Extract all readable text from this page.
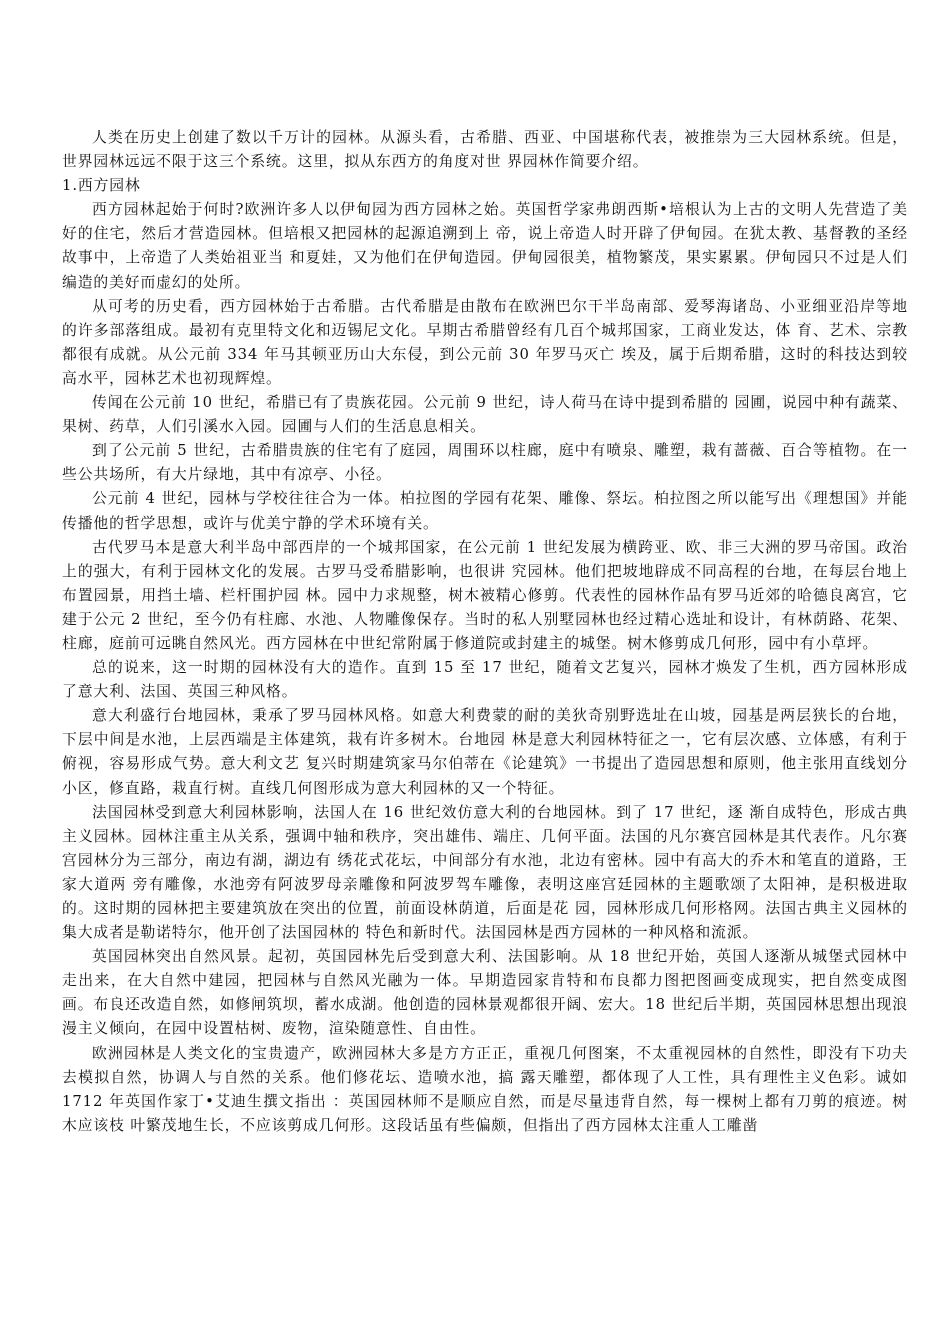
人类在历史上创建了数以千万计的园林。从源头看，古希腊、西亚、中国堪称代表，被推崇为三大园林系统。但是，世界园林远远不限于这三个系统。这里，拟从东西方的角度对世 界园林作简要介绍。

1.西方园林

西方园林起始于何时?欧洲许多人以伊甸园为西方园林之始。英国哲学家弗朗西斯•培根认为上古的文明人先营造了美好的住宅，然后才营造园林。但培根又把园林的起源追溯到上 帝，说上帝造人时开辟了伊甸园。在犹太教、基督教的圣经故事中，上帝造了人类始祖亚当 和夏娃，又为他们在伊甸造园。伊甸园很美，植物繁茂，果实累累。伊甸园只不过是人们编造的美好而虚幻的处所。

从可考的历史看，西方园林始于古希腊。古代希腊是由散布在欧洲巴尔干半岛南部、爱琴海诸岛、小亚细亚沿岸等地的许多部落组成。最初有克里特文化和迈锡尼文化。早期古希腊曾经有几百个城邦国家，工商业发达，体 育、艺术、宗教都很有成就。从公元前 334 年马其顿亚历山大东侵，到公元前 30 年罗马灭亡 埃及，属于后期希腊，这时的科技达到较高水平，园林艺术也初现辉煌。

传闻在公元前 10 世纪，希腊已有了贵族花园。公元前 9 世纪，诗人荷马在诗中提到希腊的 园圃，说园中种有蔬菜、果树、药草，人们引溪水入园。园圃与人们的生活息息相关。

到了公元前 5 世纪，古希腊贵族的住宅有了庭园，周围环以柱廊，庭中有喷泉、雕塑，栽有蔷薇、百合等植物。在一些公共场所，有大片绿地，其中有凉亭、小径。

公元前 4 世纪，园林与学校往往合为一体。柏拉图的学园有花架、雕像、祭坛。柏拉图之所以能写出《理想国》并能传播他的哲学思想，或许与优美宁静的学术环境有关。

古代罗马本是意大利半岛中部西岸的一个城邦国家，在公元前 1 世纪发展为横跨亚、欧、非三大洲的罗马帝国。政治上的强大，有利于园林文化的发展。古罗马受希腊影响，也很讲 究园林。他们把坡地辟成不同高程的台地，在每层台地上布置园景，用挡土墙、栏杆围护园 林。园中力求规整，树木被精心修剪。代表性的园林作品有罗马近郊的哈德良离宫，它建于公元 2 世纪，至今仍有柱廊、水池、人物雕像保存。当时的私人别墅园林也经过精心选址和设计，有林荫路、花架、柱廊，庭前可远眺自然风光。西方园林在中世纪常附属于修道院或封建主的城堡。树木修剪成几何形，园中有小草坪。

总的说来，这一时期的园林没有大的造作。直到 15 至 17 世纪，随着文艺复兴，园林才焕发了生机，西方园林形成了意大利、法国、英国三种风格。

意大利盛行台地园林，秉承了罗马园林风格。如意大利费蒙的耐的美狄奇别野选址在山坡，园基是两层狭长的台地，下层中间是水池，上层西端是主体建筑，栽有许多树木。台地园 林是意大利园林特征之一，它有层次感、立体感，有利于俯视，容易形成气势。意大利文艺 复兴时期建筑家马尔伯蒂在《论建筑》一书提出了造园思想和原则，他主张用直线划分小区，修直路，栽直行树。直线几何图形成为意大利园林的又一个特征。

法国园林受到意大利园林影响，法国人在 16 世纪效仿意大利的台地园林。到了 17 世纪，逐 渐自成特色，形成古典主义园林。园林注重主从关系，强调中轴和秩序，突出雄伟、端庄、几何平面。法国的凡尔赛宫园林是其代表作。凡尔赛宫园林分为三部分，南边有湖，湖边有 绣花式花坛，中间部分有水池，北边有密林。园中有高大的乔木和笔直的道路，王家大道两 旁有雕像，水池旁有阿波罗母亲雕像和阿波罗驾车雕像，表明这座宫廷园林的主题歌颂了太阳神，是积极进取的。这时期的园林把主要建筑放在突出的位置，前面设林荫道，后面是花 园，园林形成几何形格网。法国古典主义园林的集大成者是勒诺特尔，他开创了法国园林的 特色和新时代。法国园林是西方园林的一种风格和流派。

英国园林突出自然风景。起初，英国园林先后受到意大利、法国影响。从 18 世纪开始，英国人逐渐从城堡式园林中走出来，在大自然中建园，把园林与自然风光融为一体。早期造园家肯特和布良都力图把图画变成现实，把自然变成图画。布良还改造自然，如修闸筑坝，蓄水成湖。他创造的园林景观都很开阔、宏大。18 世纪后半期，英国园林思想出现浪漫主义倾向，在园中设置枯树、废物，渲染随意性、自由性。

欧洲园林是人类文化的宝贵遗产，欧洲园林大多是方方正正，重视几何图案，不太重视园林的自然性，即没有下功夫去模拟自然，协调人与自然的关系。他们修花坛、造喷水池，搞 露天雕塑，都体现了人工性，具有理性主义色彩。诚如 1712 年英国作家丁•艾迪生撰文指出 ：英国园林师不是顺应自然，而是尽量违背自然，每一棵树上都有刀剪的痕迹。树木应该枝 叶繁茂地生长，不应该剪成几何形。这段话虽有些偏颇，但指出了西方园林太注重人工雕凿
